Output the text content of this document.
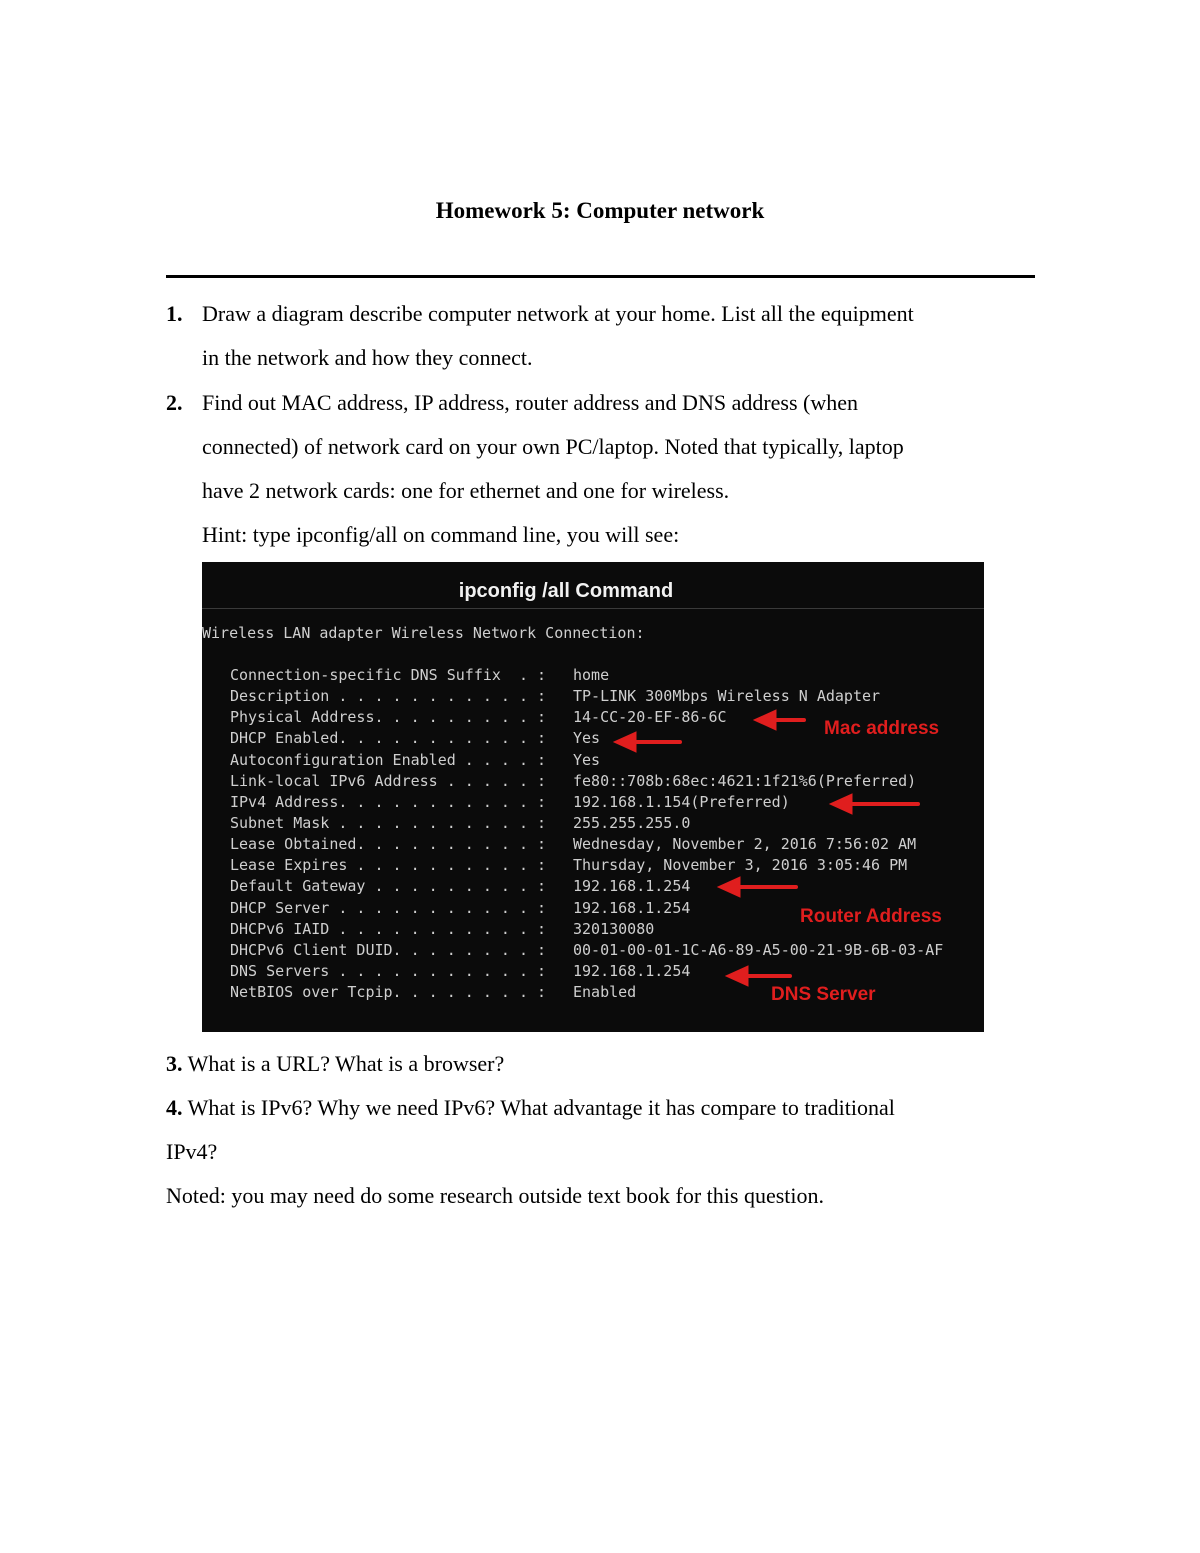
Homework 5: Computer network
1. Draw a diagram describe computer network at your home. List all the equipment
in the network and how they connect.
2. Find out MAC address, IP address, router address and DNS address (when
connected) of network card on your own PC/laptop. Noted that typically, laptop
have 2 network cards: one for ethernet and one for wireless.
Hint: type ipconfig/all on command line, you will see:
ipconfig /all Command
Wireless LAN adapter Wireless Network Connection:
Connection-specific DNS Suffix  . : home
Description . . . . . . . . . . . : TP-LINK 300Mbps Wireless N Adapter
Physical Address. . . . . . . . . : 14-CC-20-EF-86-6C
DHCP Enabled. . . . . . . . . . . : Yes
Autoconfiguration Enabled . . . . : Yes
Link-local IPv6 Address . . . . . : fe80::708b:68ec:4621:1f21%6(Preferred)
IPv4 Address. . . . . . . . . . . : 192.168.1.154(Preferred)
Subnet Mask . . . . . . . . . . . : 255.255.255.0
Lease Obtained. . . . . . . . . . : Wednesday, November 2, 2016 7:56:02 AM
Lease Expires . . . . . . . . . . : Thursday, November 3, 2016 3:05:46 PM
Default Gateway . . . . . . . . . : 192.168.1.254
DHCP Server . . . . . . . . . . . : 192.168.1.254
DHCPv6 IAID . . . . . . . . . . . : 320130080
DHCPv6 Client DUID. . . . . . . . : 00-01-00-01-1C-A6-89-A5-00-21-9B-6B-03-AF
DNS Servers . . . . . . . . . . . : 192.168.1.254
NetBIOS over Tcpip. . . . . . . . : Enabled
Mac address
Router Address
DNS Server
3. What is a URL? What is a browser?
4. What is IPv6? Why we need IPv6? What advantage it has compare to traditional
IPv4?
Noted: you may need do some research outside text book for this question.
